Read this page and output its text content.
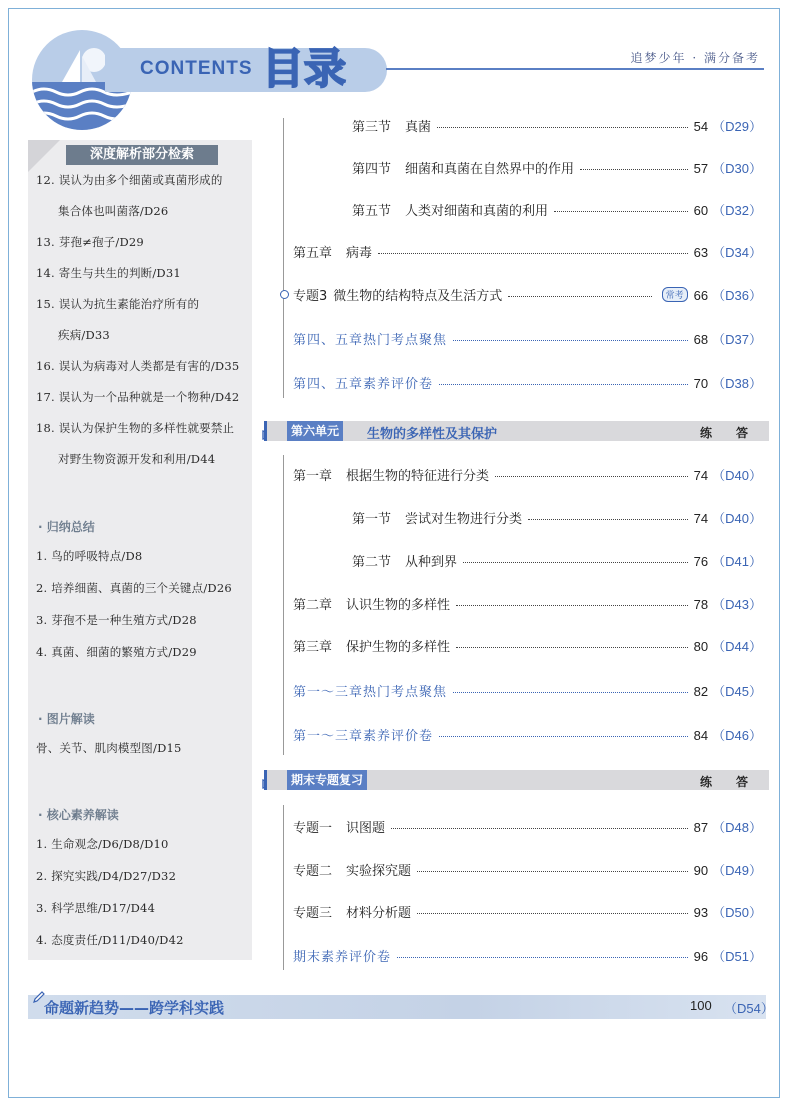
CONTENTS 目录	追梦少年 · 满分备考
深度解析部分检索
12. 误认为由多个细菌或真菌形成的
集合体也叫菌落/D26
13. 芽孢≠孢子/D29
14. 寄生与共生的判断/D31
15. 误认为抗生素能治疗所有的
疾病/D33
16. 误认为病毒对人类都是有害的/D35
17. 误认为一个品种就是一个物种/D42
18. 误认为保护生物的多样性就要禁止
对野生物资源开发和利用/D44
· 归纳总结
1. 鸟的呼吸特点/D8
2. 培养细菌、真菌的三个关键点/D26
3. 芽孢不是一种生殖方式/D28
4. 真菌、细菌的繁殖方式/D29
· 图片解读
骨、关节、肌肉模型图/D15
· 核心素养解读
1. 生命观念/D6/D8/D10
2. 探究实践/D4/D27/D32
3. 科学思维/D17/D44
4. 态度责任/D11/D40/D42
第三节 真菌	54 （D29）
第四节 细菌和真菌在自然界中的作用	57 （D30）
第五节 人类对细菌和真菌的利用	60 （D32）
第五章 病毒	63 （D34）
专题3 微生物的结构特点及生活方式	常考 66 （D36）
第四、五章热门考点聚焦	68 （D37）
第四、五章素养评价卷	70 （D38）
第六单元	生物的多样性及其保护	练 答
第一章 根据生物的特征进行分类	74 （D40）
第一节 尝试对生物进行分类	74 （D40）
第二节 从种到界	76 （D41）
第二章 认识生物的多样性	78 （D43）
第三章 保护生物的多样性	80 （D44）
第一～三章热门考点聚焦	82 （D45）
第一～三章素养评价卷	84 （D46）
期末专题复习	练 答
专题一 识图题	87 （D48）
专题二 实验探究题	90 （D49）
专题三 材料分析题	93 （D50）
期末素养评价卷	96 （D51）
命题新趋势——跨学科实践	100 （D54）
